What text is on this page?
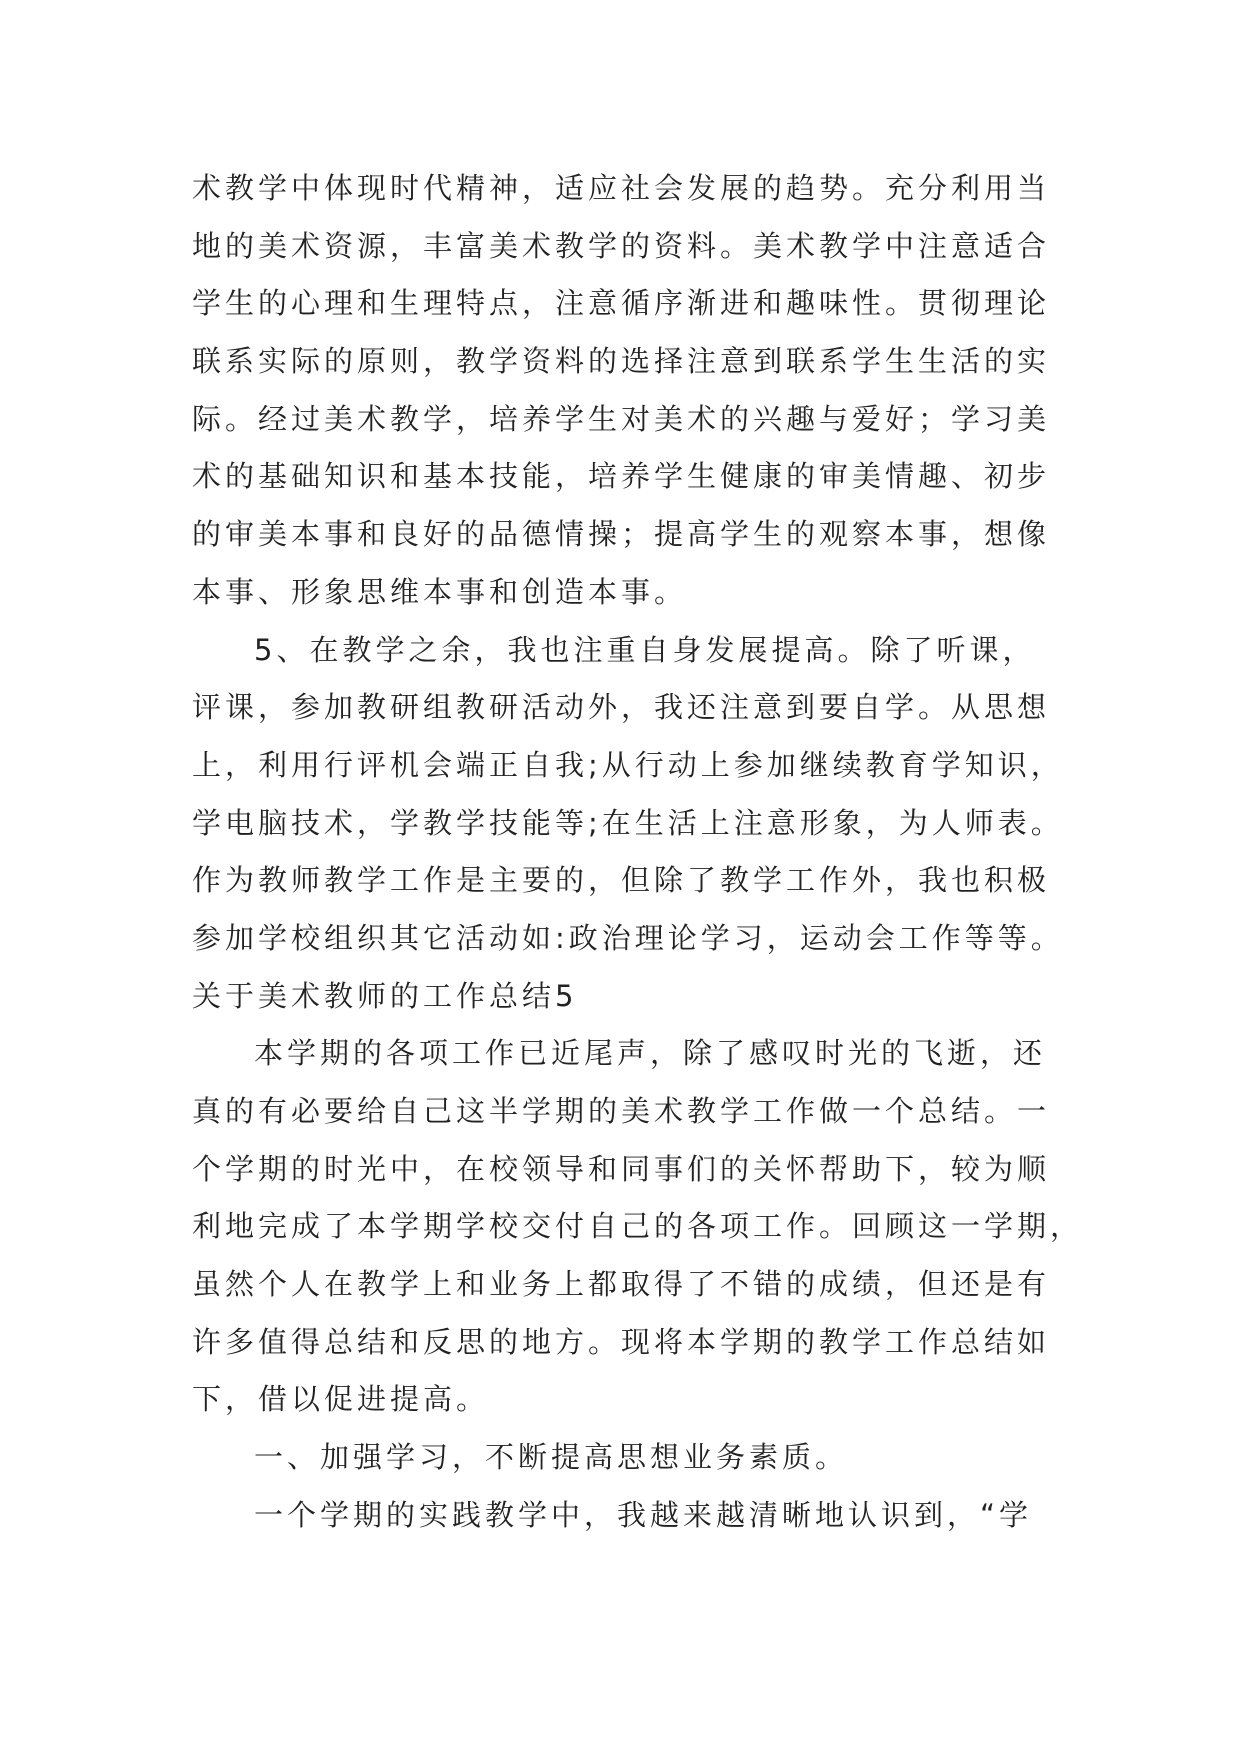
术教学中体现时代精神，适应社会发展的趋势。充分利用当
地的美术资源，丰富美术教学的资料。美术教学中注意适合
学生的心理和生理特点，注意循序渐进和趣味性。贯彻理论
联系实际的原则，教学资料的选择注意到联系学生生活的实
际。经过美术教学，培养学生对美术的兴趣与爱好；学习美
术的基础知识和基本技能，培养学生健康的审美情趣、初步
的审美本事和良好的品德情操；提高学生的观察本事，想像
本事、形象思维本事和创造本事。
5、在教学之余，我也注重自身发展提高。除了听课，
评课，参加教研组教研活动外，我还注意到要自学。从思想
上，利用行评机会端正自我;从行动上参加继续教育学知识，
学电脑技术，学教学技能等;在生活上注意形象，为人师表。
作为教师教学工作是主要的，但除了教学工作外，我也积极
参加学校组织其它活动如:政治理论学习，运动会工作等等。
关于美术教师的工作总结5
本学期的各项工作已近尾声，除了感叹时光的飞逝，还
真的有必要给自己这半学期的美术教学工作做一个总结。一
个学期的时光中，在校领导和同事们的关怀帮助下，较为顺
利地完成了本学期学校交付自己的各项工作。回顾这一学期，
虽然个人在教学上和业务上都取得了不错的成绩，但还是有
许多值得总结和反思的地方。现将本学期的教学工作总结如
下，借以促进提高。
一、加强学习，不断提高思想业务素质。
一个学期的实践教学中，我越来越清晰地认识到，“学
